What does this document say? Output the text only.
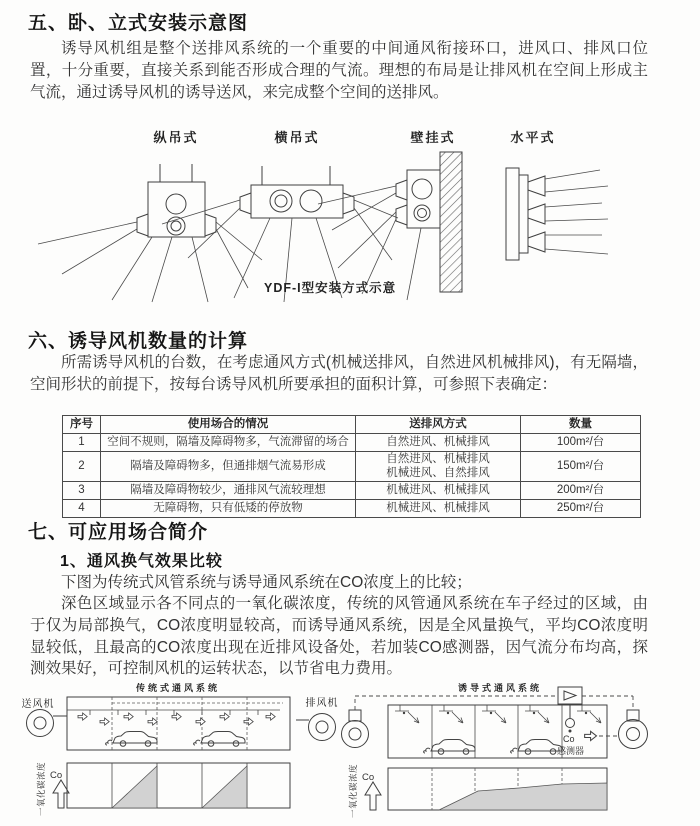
五、卧、立式安装示意图

诱导风机组是整个送排风系统的一个重要的中间通风衔接环口，进风口、排风口位置，十分重要，直接关系到能否形成合理的气流。理想的布局是让排风机在空间上形成主气流，通过诱导风机的诱导送风，来完成整个空间的送排风。

纵吊式	横吊式	壁挂式	水平式
YDF-I型安装方式示意
六、诱导风机数量的计算

所需诱导风机的台数，在考虑通风方式(机械送排风，自然进风机械排风)，有无隔墙，空间形状的前提下，按每台诱导风机所要承担的面积计算，可参照下表确定：

序号	使用场合的情况	送排风方式	数量
1	空间不规则，隔墙及障碍物多，气流滞留的场合	自然进风、机械排风	100m²/台
2	隔墙及障碍物多，但通排烟气流易形成	自然进风、机械排风
机械进风、自然排风	150m²/台
3	隔墙及障碍物较少，通排风气流较理想	机械进风、机械排风	200m²/台
4	无障碍物，只有低矮的停放物	机械进风、机械排风	250m²/台
七、可应用场合简介
1、通风换气效果比较

下图为传统式风管系统与诱导通风系统在CO浓度上的比较；

深色区域显示各不同点的一氧化碳浓度，传统的风管通风系统在车子经过的区域，由于仅为局部换气，CO浓度明显较高，而诱导通风系统，因是全风量换气，平均CO浓度明显较低，且最高的CO浓度出现在近排风设备处，若加装CO感测器，因气流分布均高，探测效果好，可控制风机的运转状态，以节省电力费用。

传统式通风系统
送风机	排风机
一氧化碳浓度 Co
诱导式通风系统
Co
感测器
一氧化碳浓度 Co
